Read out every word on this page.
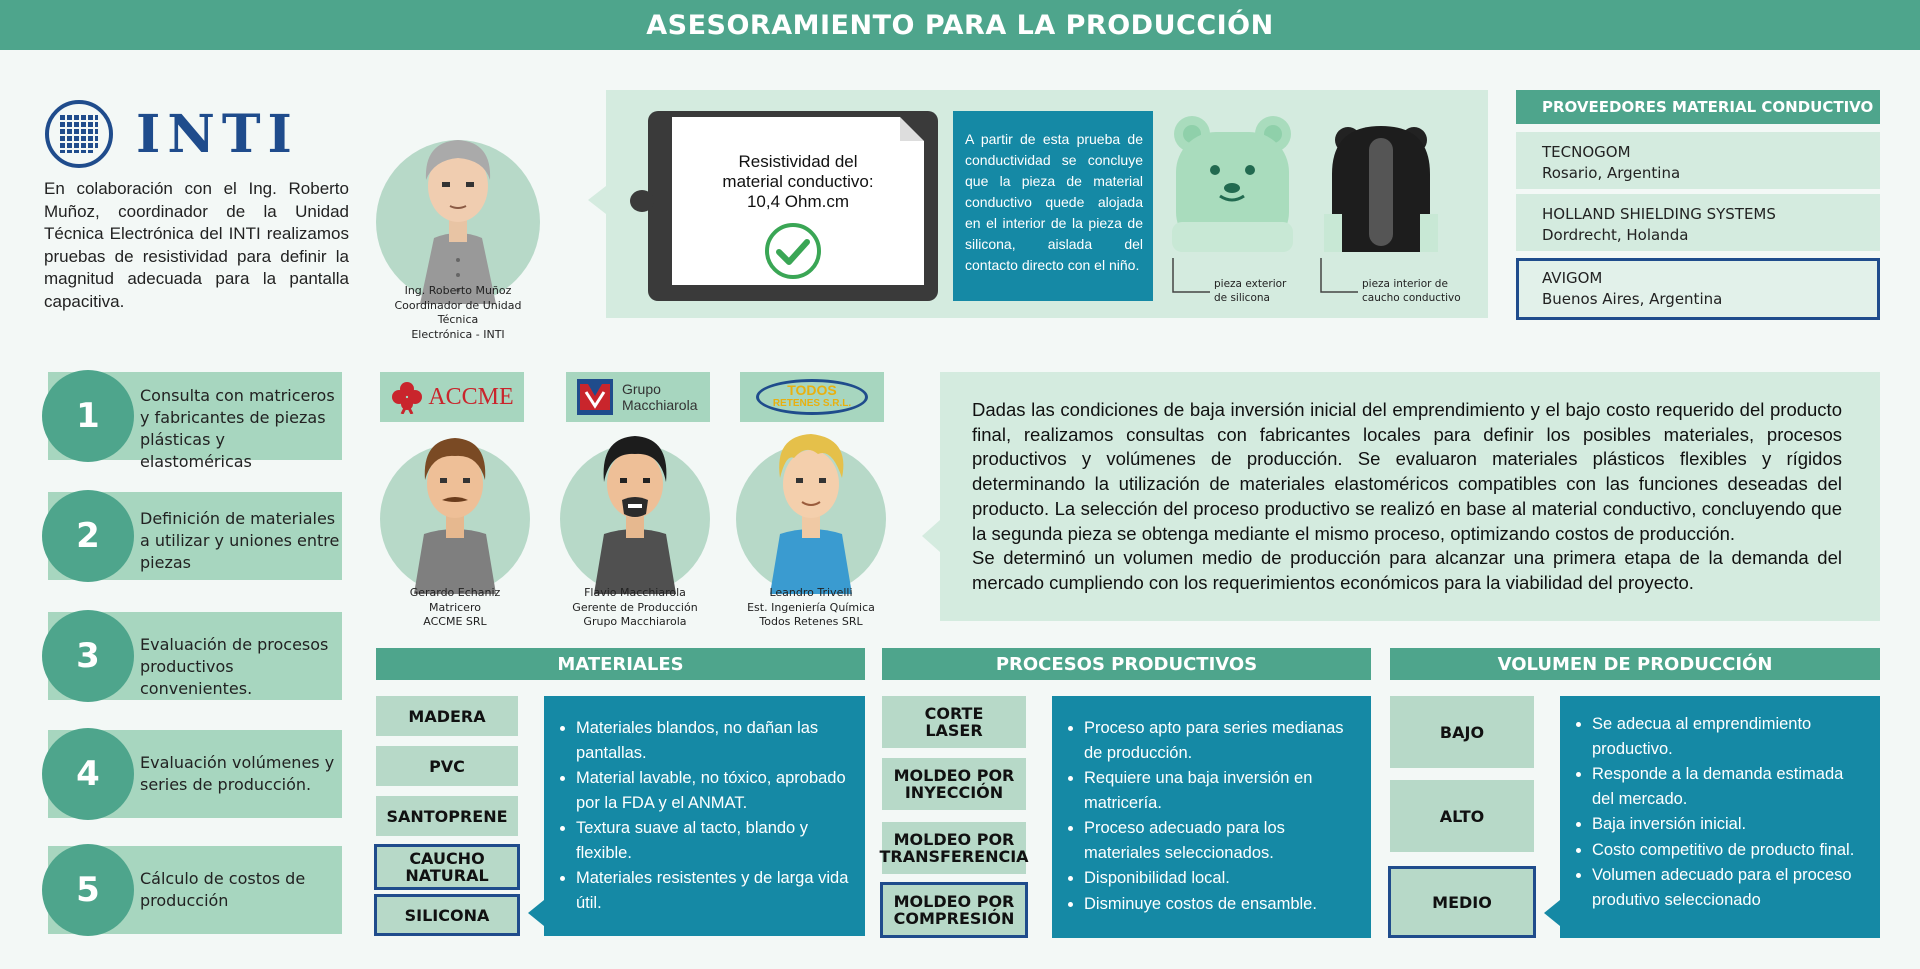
ASESORAMIENTO PARA LA PRODUCCIÓN
INTI
En colaboración con el Ing. Roberto Muñoz, coordinador de la Unidad Técnica Electrónica del INTI realizamos pruebas de resistividad para definir la magnitud adecuada para la pantalla capacitiva.
Ing. Roberto Muñoz
Coordinador de Unidad Técnica
Electrónica - INTI
Resistividad del
material conductivo:
10,4 Ohm.cm
A partir de esta prueba de conductividad se concluye que la pieza de material conductivo quede alojada en el interior de la pieza de silicona, aislada del contacto directo con el niño.
pieza exterior
de silicona
pieza interior de
caucho conductivo
PROVEEDORES MATERIAL CONDUCTIVO
TECNOGOM
Rosario, Argentina
HOLLAND SHIELDING SYSTEMS
Dordrecht, Holanda
AVIGOM
Buenos Aires, Argentina
1
Consulta con matriceros y fabricantes de piezas plásticas y elastoméricas
2	Definición de materiales a utilizar y uniones entre piezas
3	Evaluación de procesos productivos convenientes.
4	Evaluación volúmenes y series de producción.
5	Cálculo de costos de producción
ACCME
Gerardo Echaniz
Matricero
ACCME SRL
Grupo
Macchiarola
Flavio Macchiarola
Gerente de Producción
Grupo Macchiarola
TODOS
RETENES S.R.L.
Leandro Trivelli
Est. Ingeniería Química
Todos Retenes SRL
Dadas las condiciones de baja inversión inicial del emprendimiento y el bajo costo requerido del producto final, realizamos consultas con fabricantes locales para definir los posibles materiales, procesos productivos y volúmenes de producción. Se evaluaron materiales plásticos flexibles y rígidos determinando la utilización de materiales elastoméricos compatibles con las funciones deseadas del producto. La selección del proceso productivo se realizó en base al material conductivo, concluyendo que la segunda pieza se obtenga mediante el mismo proceso, optimizando costos de producción.
Se determinó un volumen medio de producción para alcanzar una primera etapa de la demanda del mercado cumpliendo con los requerimientos económicos para la viabilidad del proyecto.
MATERIALES
MADERA
PVC
SANTOPRENE
CAUCHO NATURAL
SILICONA
• Materiales blandos, no dañan las pantallas.
• Material lavable, no tóxico, aprobado por la FDA y el ANMAT.
• Textura suave al tacto, blando y flexible.
• Materiales resistentes y de larga vida útil.
PROCESOS PRODUCTIVOS
CORTE
LASER
MOLDEO POR
INYECCIÓN
MOLDEO POR
TRANSFERENCIA
MOLDEO POR
COMPRESIÓN
• Proceso apto para series medianas de producción.
• Requiere una baja inversión en matricería.
• Proceso adecuado para los materiales seleccionados.
• Disponibilidad local.
• Disminuye costos de ensamble.
VOLUMEN DE PRODUCCIÓN
BAJO
ALTO
MEDIO
• Se adecua al emprendimiento productivo.
• Responde a la demanda estimada del mercado.
• Baja inversión inicial.
• Costo competitivo de producto final.
• Volumen adecuado para el proceso produtivo seleccionado
